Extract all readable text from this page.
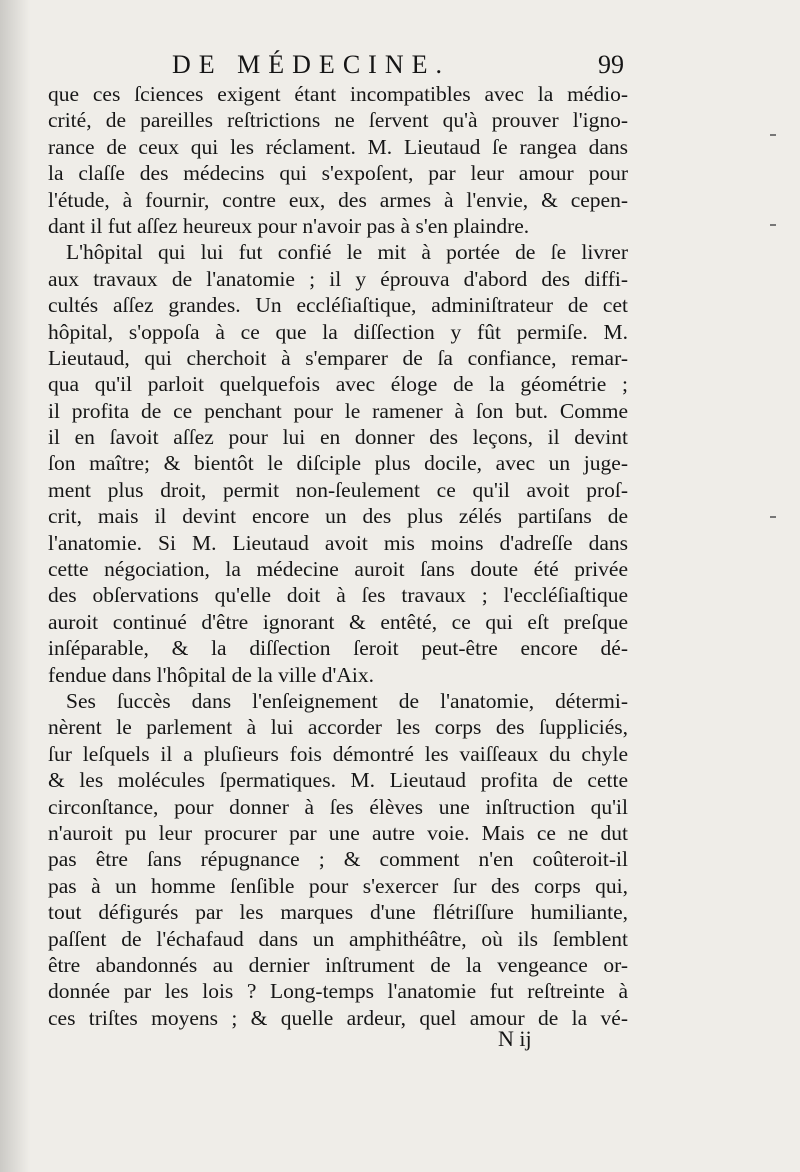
DE MÉDECINE.	99
que ces ſciences exigent étant incompatibles avec la médio-
crité, de pareilles reſtrictions ne ſervent qu'à prouver l'igno-
rance de ceux qui les réclament. M. Lieutaud ſe rangea dans
la claſſe des médecins qui s'expoſent, par leur amour pour
l'étude, à fournir, contre eux, des armes à l'envie, & cepen-
dant il fut aſſez heureux pour n'avoir pas à s'en plaindre.
L'hôpital qui lui fut confié le mit à portée de ſe livrer
aux travaux de l'anatomie ; il y éprouva d'abord des diffi-
cultés aſſez grandes. Un eccléſiaſtique, adminiſtrateur de cet
hôpital, s'oppoſa à ce que la diſſection y fût permiſe. M.
Lieutaud, qui cherchoit à s'emparer de ſa confiance, remar-
qua qu'il parloit quelquefois avec éloge de la géométrie ;
il profita de ce penchant pour le ramener à ſon but. Comme
il en ſavoit aſſez pour lui en donner des leçons, il devint
ſon maître; & bientôt le diſciple plus docile, avec un juge-
ment plus droit, permit non-ſeulement ce qu'il avoit proſ-
crit, mais il devint encore un des plus zélés partiſans de
l'anatomie. Si M. Lieutaud avoit mis moins d'adreſſe dans
cette négociation, la médecine auroit ſans doute été privée
des obſervations qu'elle doit à ſes travaux ; l'eccléſiaſtique
auroit continué d'être ignorant & entêté, ce qui eſt preſque
inſéparable, & la diſſection ſeroit peut-être encore dé-
fendue dans l'hôpital de la ville d'Aix.
Ses ſuccès dans l'enſeignement de l'anatomie, détermi-
nèrent le parlement à lui accorder les corps des ſuppliciés,
ſur leſquels il a pluſieurs fois démontré les vaiſſeaux du chyle
& les molécules ſpermatiques. M. Lieutaud profita de cette
circonſtance, pour donner à ſes élèves une inſtruction qu'il
n'auroit pu leur procurer par une autre voie. Mais ce ne dut
pas être ſans répugnance ; & comment n'en coûteroit-il
pas à un homme ſenſible pour s'exercer ſur des corps qui,
tout défigurés par les marques d'une flétriſſure humiliante,
paſſent de l'échafaud dans un amphithéâtre, où ils ſemblent
être abandonnés au dernier inſtrument de la vengeance or-
donnée par les lois ? Long-temps l'anatomie fut reſtreinte à
ces triſtes moyens ; & quelle ardeur, quel amour de la vé-
N ij
